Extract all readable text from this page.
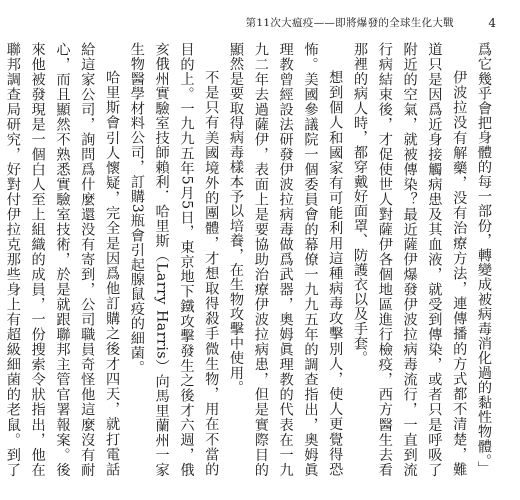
第11次大瘟疫——即將爆發的全球生化大戰	4

爲它幾乎會把身體的每一部份，轉變成被病毒消化過的黏性物體。」

伊波拉没有解藥，没有治療方法，連傳播的方式都不清楚，難道只是因爲近身接觸病患及其血液，就受到傳染，或者只是呼吸了附近的空氣，就被傳染？最近薩伊爆發伊波拉病毒流行，一直到流行病結束後，才促使世人對薩伊各個地區進行檢疫，西方醫生去看那裡的病人時，都穿戴好面罩、防護衣以及手套。

想到個人和國家有可能利用這種病毒攻擊別人，使人更覺得恐怖。美國參議院一個委員會的幕僚一九九五年的調查指出，奧姆眞理教曾經設法研發伊波拉病毒做爲武器，奧姆眞理教的代表在一九九二年去過薩伊，表面上是要協助治療伊波拉病患，但是實際目的顯然是要取得病毒樣本予以培養，在生物攻擊中使用。

不是只有美國境外的團體，才想取得殺手微生物，用在不當的目的上。一九九五年5月5日，東京地下鐵攻擊發生之後才六週，俄亥俄州實驗室技師賴利．哈里斯（Larry Harris）向馬里蘭州一家生物醫學材料公司，訂購3瓶會引起腺鼠疫的細菌。

哈里斯會引人懷疑，完全是因爲他訂購之後才四天，就打電話給這家公司，詢問爲什麼還没有寄到，公司職員奇怪他這麼沒有耐心，而且顯然不熟悉實驗室技術，於是就跟聯邦主管官署報案。後來他被發現是一個白人至上組織的成員，一份搜索令狀指出，他在聯邦調查局研究，好對付伊拉克那些身上有超級細菌的老鼠。到了
